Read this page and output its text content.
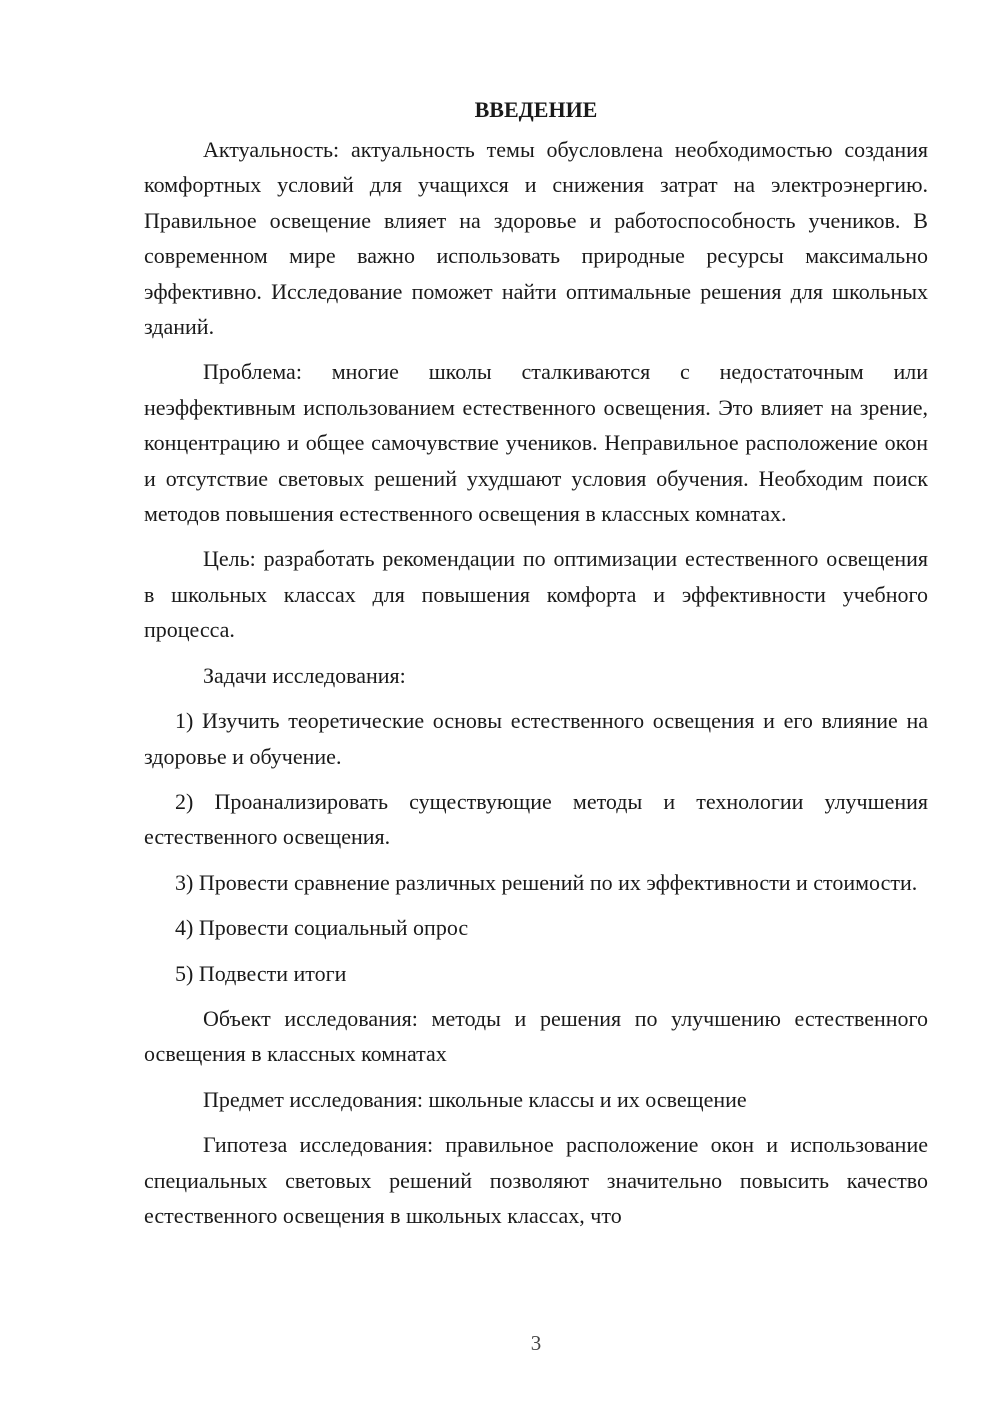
ВВЕДЕНИЕ

Актуальность: актуальность темы обусловлена необходимостью создания комфортных условий для учащихся и снижения затрат на электроэнергию. Правильное освещение влияет на здоровье и работоспособность учеников. В современном мире важно использовать природные ресурсы максимально эффективно. Исследование поможет найти оптимальные решения для школьных зданий.

Проблема: многие школы сталкиваются с недостаточным или неэффективным использованием естественного освещения. Это влияет на зрение, концентрацию и общее самочувствие учеников. Неправильное расположение окон и отсутствие световых решений ухудшают условия обучения. Необходим поиск методов повышения естественного освещения в классных комнатах.

Цель: разработать рекомендации по оптимизации естественного освещения в школьных классах для повышения комфорта и эффективности учебного процесса.

Задачи исследования:

1) Изучить теоретические основы естественного освещения и его влияние на здоровье и обучение.

2) Проанализировать существующие методы и технологии улучшения естественного освещения.

3) Провести сравнение различных решений по их эффективности и стоимости.

4) Провести социальный опрос

5) Подвести итоги

Объект исследования: методы и решения по улучшению естественного освещения в классных комнатах

Предмет исследования: школьные классы и их освещение

Гипотеза исследования: правильное расположение окон и использование специальных световых решений позволяют значительно повысить качество естественного освещения в школьных классах, что

3
